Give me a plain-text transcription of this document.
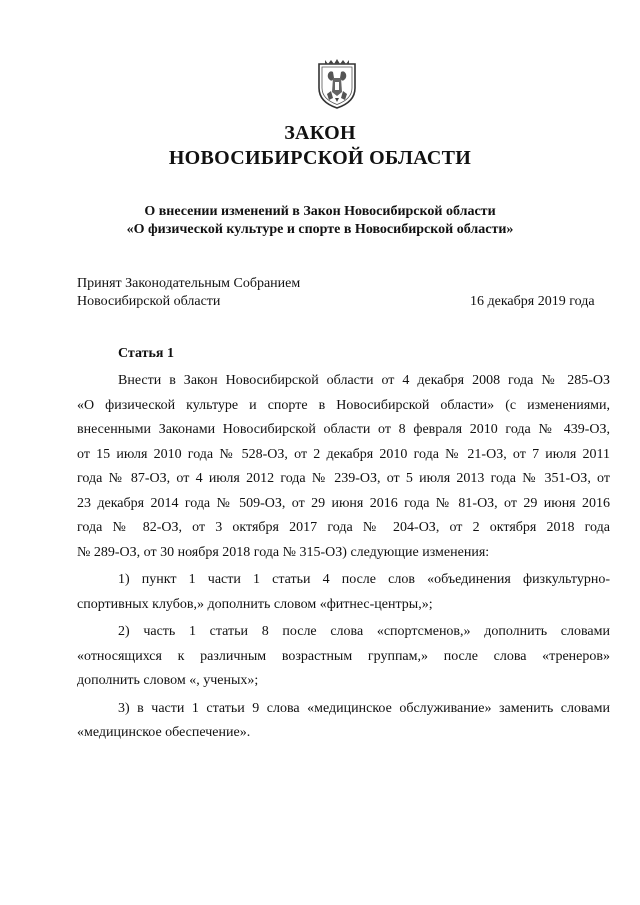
ЗАКОН
НОВОСИБИРСКОЙ ОБЛАСТИ
О внесении изменений в Закон Новосибирской области
«О физической культуре и спорте в Новосибирской области»
Принят Законодательным Собранием
Новосибирской области	16 декабря 2019 года
Статья 1
Внести в Закон Новосибирской области от 4 декабря 2008 года № 285-ОЗ
«О физической культуре и спорте в Новосибирской области» (с изменениями,
внесенными Законами Новосибирской области от 8 февраля 2010 года № 439-ОЗ,
от 15 июля 2010 года № 528-ОЗ, от 2 декабря 2010 года № 21-ОЗ, от 7 июля 2011
года № 87-ОЗ, от 4 июля 2012 года № 239-ОЗ, от 5 июля 2013 года № 351-ОЗ, от
23 декабря 2014 года № 509-ОЗ, от 29 июня 2016 года № 81-ОЗ, от 29 июня 2016
года № 82-ОЗ, от 3 октября 2017 года № 204-ОЗ, от 2 октября 2018 года
№ 289-ОЗ, от 30 ноября 2018 года № 315-ОЗ) следующие изменения:
1) пункт 1 части 1 статьи 4 после слов «объединения физкультурно-
спортивных клубов,» дополнить словом «фитнес-центры,»;
2) часть 1 статьи 8 после слова «спортсменов,» дополнить словами
«относящихся к различным возрастным группам,» после слова «тренеров»
дополнить словом «, ученых»;
3) в части 1 статьи 9 слова «медицинское обслуживание» заменить словами
«медицинское обеспечение».
